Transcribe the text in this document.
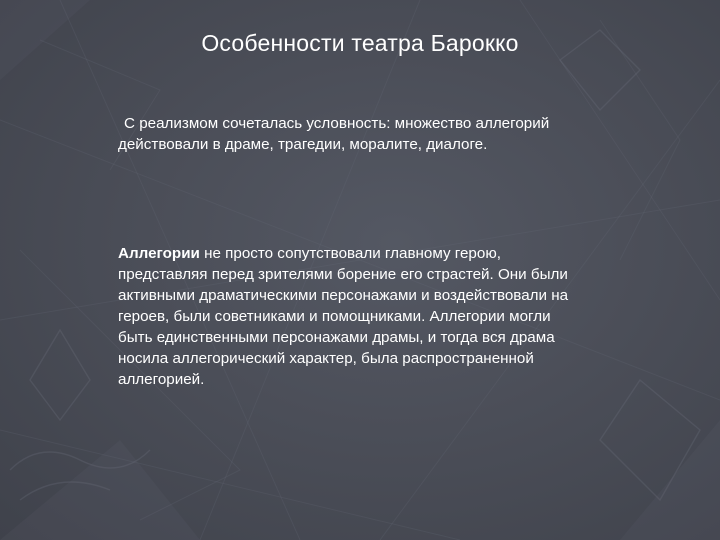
Особенности театра Барокко

С реализмом сочеталась условность: множество аллегорий действовали в драме, трагедии, моралите, диалоге.

Аллегории не просто сопутствовали главному герою, представляя перед зрителями борение его страстей. Они были активными драматическими персонажами и воздействовали на героев, были советниками и помощниками. Аллегории могли быть единственными персонажами драмы, и тогда вся драма носила аллегорический характер, была распространенной аллегорией.
